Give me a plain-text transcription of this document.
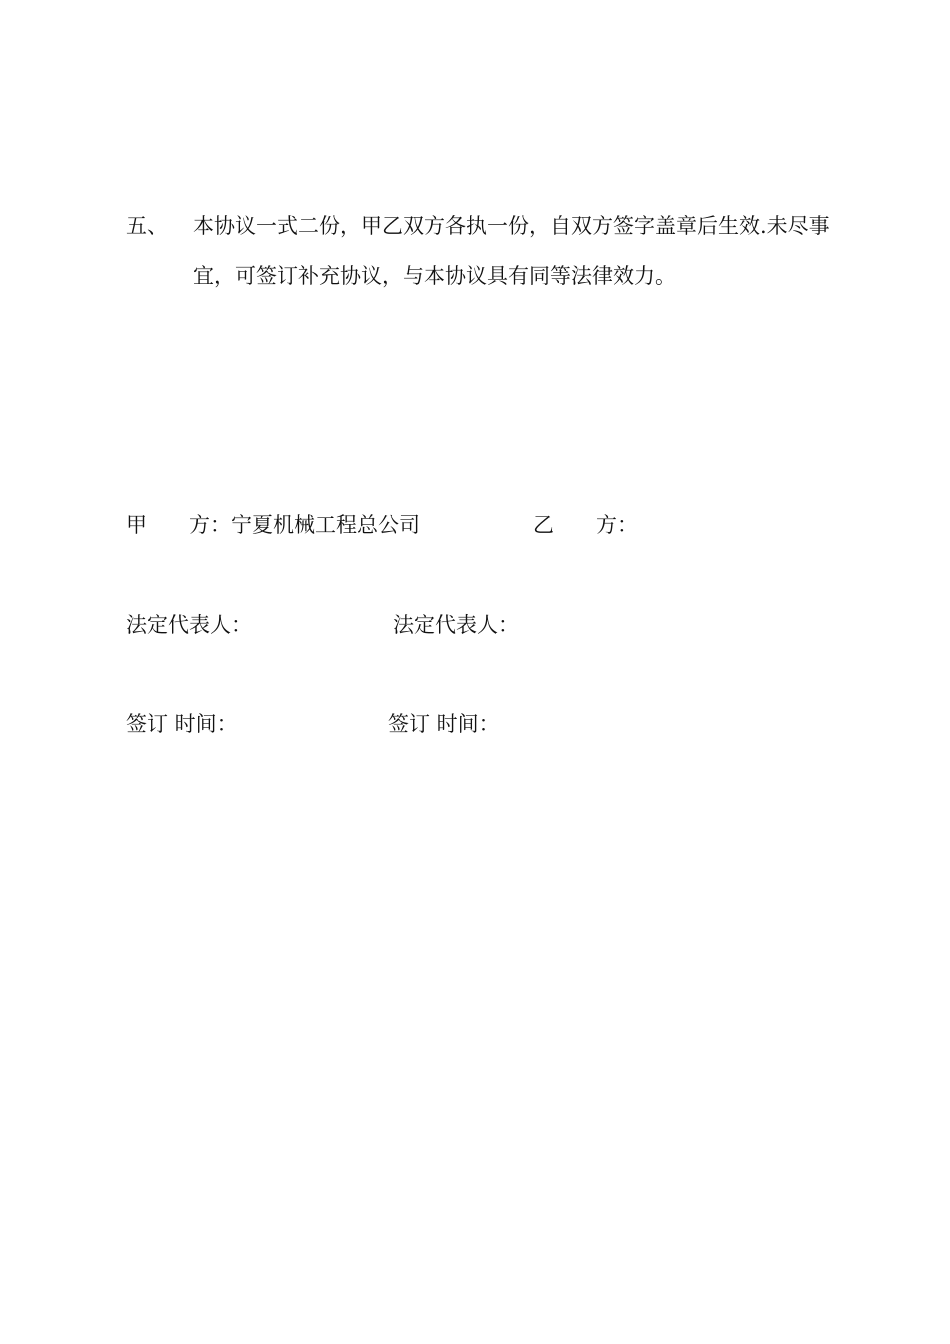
五、 本协议一式二份，甲乙双方各执一份，自双方签字盖章后生效.未尽事
宜，可签订补充协议，与本协议具有同等法律效力。
甲　　方：宁夏机械工程总公司	乙　　方：
法定代表人：	法定代表人：
签订 时间：	签订 时间：
